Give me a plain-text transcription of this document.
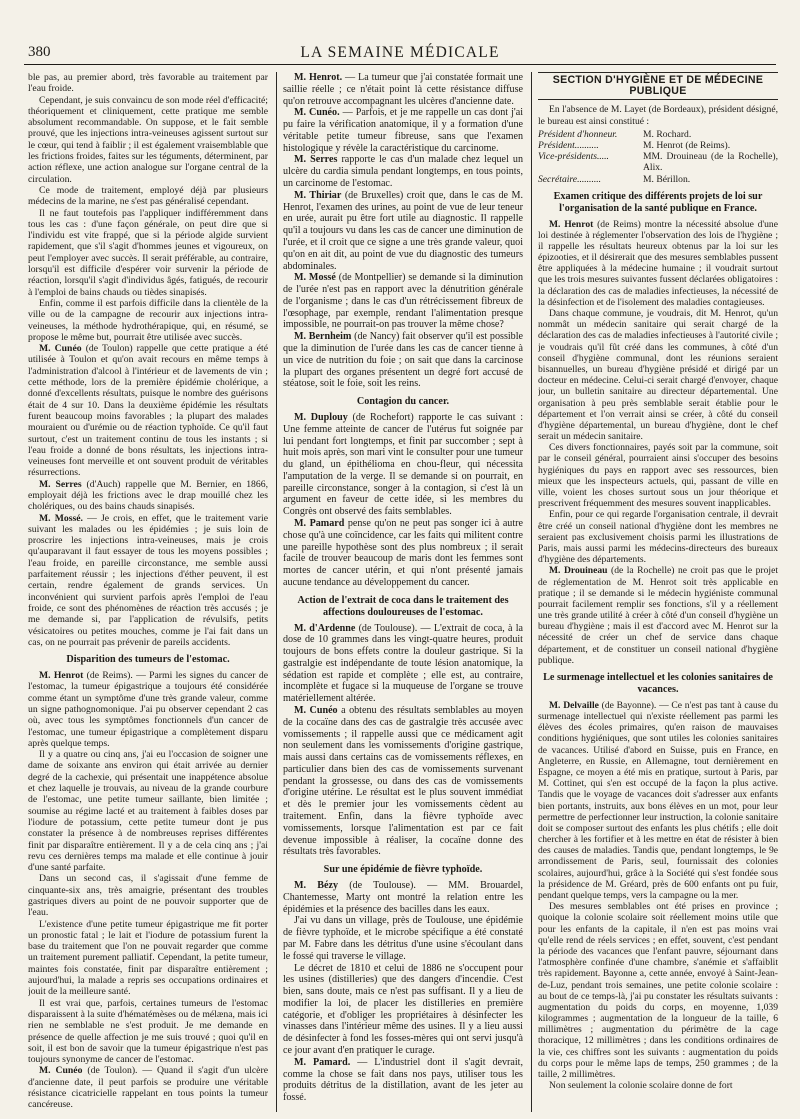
380	LA SEMAINE MÉDICALE

ble pas, au premier abord, très favorable au traitement par l'eau froide.

Cependant, je suis convaincu de son mode réel d'efficacité; théoriquement et cliniquement, cette pratique me semble absolument recommandable. On suppose, et le fait semble prouvé, que les injections intra-veineuses agissent surtout sur le cœur, qui tend à faiblir ; il est également vraisemblable que les frictions froides, faites sur les téguments, déterminent, par action réflexe, une action analogue sur l'organe central de la circulation.

Ce mode de traitement, employé déjà par plusieurs médecins de la marine, ne s'est pas généralisé cependant.

Il ne faut toutefois pas l'appliquer indifféremment dans tous les cas : d'une façon générale, on peut dire que si l'individu est vite frappé, que si la période algide survient rapidement, que s'il s'agit d'hommes jeunes et vigoureux, on peut l'employer avec succès. Il serait préférable, au contraire, lorsqu'il est difficile d'espérer voir survenir la période de réaction, lorsqu'il s'agit d'individus âgés, fatigués, de recourir à l'emploi de bains chauds ou tièdes sinapisés.

Enfin, comme il est parfois difficile dans la clientèle de la ville ou de la campagne de recourir aux injections intra-veineuses, la méthode hydrothérapique, qui, en résumé, se propose le même but, pourrait être utilisée avec succès.

M. Cunéo (de Toulon) rappelle que cette pratique a été utilisée à Toulon et qu'on avait recours en même temps à l'administration d'alcool à l'intérieur et de lavements de vin ; cette méthode, lors de la première épidémie cholérique, a donné d'excellents résultats, puisque le nombre des guérisons était de 4 sur 10. Dans la deuxième épidémie les résultats furent beaucoup moins favorables ; la plupart des malades mouraient ou d'urémie ou de réaction typhoïde. Ce qu'il faut surtout, c'est un traitement continu de tous les instants ; si l'eau froide a donné de bons résultats, les injections intra-veineuses font merveille et ont souvent produit de véritables résurrections.

M. Serres (d'Auch) rappelle que M. Bernier, en 1866, employait déjà les frictions avec le drap mouillé chez les cholériques, ou des bains chauds sinapisés.

M. Mossé. — Je crois, en effet, que le traitement varie suivant les malades ou les épidémies ; je suis loin de proscrire les injections intra-veineuses, mais je crois qu'auparavant il faut essayer de tous les moyens possibles ; l'eau froide, en pareille circonstance, me semble aussi parfaitement réussir ; les injections d'éther peuvent, il est certain, rendre également de grands services. Un inconvénient qui survient parfois après l'emploi de l'eau froide, ce sont des phénomènes de réaction très accusés ; je me demande si, par l'application de révulsifs, petits vésicatoires ou petites mouches, comme je l'ai fait dans un cas, on ne pourrait pas prévenir de pareils accidents.

Disparition des tumeurs de l'estomac.

M. Henrot (de Reims). — Parmi les signes du cancer de l'estomac, la tumeur épigastrique a toujours été considérée comme étant un symptôme d'une très grande valeur, comme un signe pathognomonique. J'ai pu observer cependant 2 cas où, avec tous les symptômes fonctionnels d'un cancer de l'estomac, une tumeur épigastrique a complètement disparu après quelque temps.

Il y a quatre ou cinq ans, j'ai eu l'occasion de soigner une dame de soixante ans environ qui était arrivée au dernier degré de la cachexie, qui présentait une inappétence absolue et chez laquelle je trouvais, au niveau de la grande courbure de l'estomac, une petite tumeur saillante, bien limitée ; soumise au régime lacté et au traitement à faibles doses par l'iodure de potassium, cette petite tumeur dont je pus constater la présence à de nombreuses reprises différentes finit par disparaître entièrement. Il y a de cela cinq ans ; j'ai revu ces dernières temps ma malade et elle continue à jouir d'une santé parfaite.

Dans un second cas, il s'agissait d'une femme de cinquante-six ans, très amaigrie, présentant des troubles gastriques divers au point de ne pouvoir supporter que de l'eau.

L'existence d'une petite tumeur épigastrique me fit porter un pronostic fatal ; le lait et l'iodure de potassium furent la base du traitement que l'on ne pouvait regarder que comme un traitement purement palliatif. Cependant, la petite tumeur, maintes fois constatée, finit par disparaître entièrement ; aujourd'hui, la malade a repris ses occupations ordinaires et jouit de la meilleure santé.

Il est vrai que, parfois, certaines tumeurs de l'estomac disparaissent à la suite d'hématémèses ou de mélæna, mais ici rien ne semblable ne s'est produit. Je me demande en présence de quelle affection je me suis trouvé ; quoi qu'il en soit, il est bon de savoir que la tumeur épigastrique n'est pas toujours synonyme de cancer de l'estomac.

M. Cunéo (de Toulon). — Quand il s'agit d'un ulcère d'ancienne date, il peut parfois se produire une véritable résistance cicatricielle rappelant en tous points la tumeur cancéreuse.

M. Henrot. — La tumeur que j'ai constatée formait une saillie réelle ; ce n'était point là cette résistance diffuse qu'on retrouve accompagnant les ulcères d'ancienne date.

M. Cunéo. — Parfois, et je me rappelle un cas dont j'ai pu faire la vérification anatomique, il y a formation d'une véritable petite tumeur fibreuse, sans que l'examen histologique y révèle la caractéristique du carcinome.

M. Serres rapporte le cas d'un malade chez lequel un ulcère du cardia simula pendant longtemps, en tous points, un carcinome de l'estomac.

M. Thiriar (de Bruxelles) croit que, dans le cas de M. Henrot, l'examen des urines, au point de vue de leur teneur en urée, aurait pu être fort utile au diagnostic. Il rappelle qu'il a toujours vu dans les cas de cancer une diminution de l'urée, et il croit que ce signe a une très grande valeur, quoi qu'on en ait dit, au point de vue du diagnostic des tumeurs abdominales.

M. Mossé (de Montpellier) se demande si la diminution de l'urée n'est pas en rapport avec la dénutrition générale de l'organisme ; dans le cas d'un rétrécissement fibreux de l'œsophage, par exemple, rendant l'alimentation presque impossible, ne pourrait-on pas trouver la même chose?

M. Bernheim (de Nancy) fait observer qu'il est possible que la diminution de l'urée dans les cas de cancer tienne à un vice de nutrition du foie ; on sait que dans la carcinose la plupart des organes présentent un degré fort accusé de stéatose, soit le foie, soit les reins.

Contagion du cancer.

M. Duplouy (de Rochefort) rapporte le cas suivant : Une femme atteinte de cancer de l'utérus fut soignée par lui pendant fort longtemps, et finit par succomber ; sept à huit mois après, son mari vint le consulter pour une tumeur du gland, un épithélioma en chou-fleur, qui nécessita l'amputation de la verge. Il se demande si on pourrait, en pareille circonstance, songer à la contagion, si c'est là un argument en faveur de cette idée, si les membres du Congrès ont observé des faits semblables.

M. Pamard pense qu'on ne peut pas songer ici à autre chose qu'à une coïncidence, car les faits qui militent contre une pareille hypothèse sont des plus nombreux ; il serait facile de trouver beaucoup de maris dont les femmes sont mortes de cancer utérin, et qui n'ont présenté jamais aucune tendance au développement du cancer.

Action de l'extrait de coca dans le traitement des affections douloureuses de l'estomac.

M. d'Ardenne (de Toulouse). — L'extrait de coca, à la dose de 10 grammes dans les vingt-quatre heures, produit toujours de bons effets contre la douleur gastrique. Si la gastralgie est indépendante de toute lésion anatomique, la sédation est rapide et complète ; elle est, au contraire, incomplète et fugace si la muqueuse de l'organe se trouve matériellement altérée.

M. Cunéo a obtenu des résultats semblables au moyen de la cocaïne dans des cas de gastralgie très accusée avec vomissements ; il rappelle aussi que ce médicament agit non seulement dans les vomissements d'origine gastrique, mais aussi dans certains cas de vomissements réflexes, en particulier dans bien des cas de vomissements survenant pendant la grossesse, ou dans des cas de vomissements d'origine utérine. Le résultat est le plus souvent immédiat et dès le premier jour les vomissements cèdent au traitement. Enfin, dans la fièvre typhoïde avec vomissements, lorsque l'alimentation est par ce fait devenue impossible à réaliser, la cocaïne donne des résultats très favorables.

Sur une épidémie de fièvre typhoïde.

M. Bézy (de Toulouse). — MM. Brouardel, Chantemesse, Marty ont montré la relation entre les épidémies et la présence des bacilles dans les eaux.

J'ai vu dans un village, près de Toulouse, une épidémie de fièvre typhoïde, et le microbe spécifique a été constaté par M. Fabre dans les détritus d'une usine s'écoulant dans le fossé qui traverse le village.

Le décret de 1810 et celui de 1886 ne s'occupent pour les usines (distilleries) que des dangers d'incendie. C'est bien, sans doute, mais ce n'est pas suffisant. Il y a lieu de modifier la loi, de placer les distilleries en première catégorie, et d'obliger les propriétaires à désinfecter les vinasses dans l'intérieur même des usines. Il y a lieu aussi de désinfecter à fond les fosses-mères qui ont servi jusqu'à ce jour avant d'en pratiquer le curage.

M. Pamard. — L'industriel dont il s'agit devrait, comme la chose se fait dans nos pays, utiliser tous les produits détritus de la distillation, avant de les jeter au fossé.

SECTION D'HYGIÈNE ET DE MÉDECINE PUBLIQUE

En l'absence de M. Layet (de Bordeaux), président désigné, le bureau est ainsi constitué :

Président d'honneur.	M. Rochard.
Président..........	M. Henrot (de Reims).
Vice-présidents.....	MM. Drouineau (de la Rochelle), Alix.
Secrétaire..........	M. Bérillon.
Examen critique des différents projets de loi sur l'organisation de la santé publique en France.

M. Henrot (de Reims) montre la nécessité absolue d'une loi destinée à réglementer l'observation des lois de l'hygiène ; il rappelle les résultats heureux obtenus par la loi sur les épizooties, et il désirerait que des mesures semblables pussent être appliquées à la médecine humaine ; il voudrait surtout que les trois mesures suivantes fussent déclarées obligatoires : la déclaration des cas de maladies infectieuses, la nécessité de la désinfection et de l'isolement des maladies contagieuses.

Dans chaque commune, je voudrais, dit M. Henrot, qu'un nommât un médecin sanitaire qui serait chargé de la déclaration des cas de maladies infectieuses à l'autorité civile ; je voudrais qu'il fût créé dans les communes, à côté d'un conseil d'hygiène communal, dont les réunions seraient bisannuelles, un bureau d'hygiène présidé et dirigé par un docteur en médecine. Celui-ci serait chargé d'envoyer, chaque jour, un bulletin sanitaire au directeur départemental. Une organisation à peu près semblable serait établie pour le département et l'on verrait ainsi se créer, à côté du conseil d'hygiène départemental, un bureau d'hygiène, dont le chef serait un médecin sanitaire.

Ces divers fonctionnaires, payés soit par la commune, soit par le conseil général, pourraient ainsi s'occuper des besoins hygiéniques du pays en rapport avec ses ressources, bien mieux que les inspecteurs actuels, qui, passant de ville en ville, voient les choses surtout sous un jour théorique et prescrivent fréquemment des mesures souvent inapplicables.

Enfin, pour ce qui regarde l'organisation centrale, il devrait être créé un conseil national d'hygiène dont les membres ne seraient pas exclusivement choisis parmi les illustrations de Paris, mais aussi parmi les médecins-directeurs des bureaux d'hygiène des départements.

M. Drouineau (de la Rochelle) ne croit pas que le projet de réglementation de M. Henrot soit très applicable en pratique ; il se demande si le médecin hygiéniste communal pourrait facilement remplir ses fonctions, s'il y a réellement une très grande utilité à créer à côté d'un conseil d'hygiène un bureau d'hygiène ; mais il est d'accord avec M. Henrot sur la nécessité de créer un chef de service dans chaque département, et de constituer un conseil national d'hygiène publique.

Le surmenage intellectuel et les colonies sanitaires de vacances.

M. Delvaille (de Bayonne). — Ce n'est pas tant à cause du surmenage intellectuel qui n'existe réellement pas parmi les élèves des écoles primaires, qu'en raison de mauvaises conditions hygiéniques, que sont utiles les colonies sanitaires de vacances. Utilisé d'abord en Suisse, puis en France, en Angleterre, en Russie, en Allemagne, tout dernièrement en Espagne, ce moyen a été mis en pratique, surtout à Paris, par M. Cottinet, qui s'en est occupé de la façon la plus active. Tandis que le voyage de vacances doit s'adresser aux enfants bien portants, instruits, aux bons élèves en un mot, pour leur permettre de perfectionner leur instruction, la colonie sanitaire doit se composer surtout des enfants les plus chétifs ; elle doit chercher à les fortifier et à les mettre en état de résister à bien des causes de maladies. Tandis que, pendant longtemps, le 9e arrondissement de Paris, seul, fournissait des colonies scolaires, aujourd'hui, grâce à la Société qui s'est fondée sous la présidence de M. Gréard, près de 600 enfants ont pu fuir, pendant quelque temps, vers la campagne ou la mer.

Des mesures semblables ont été prises en province ; quoique la colonie scolaire soit réellement moins utile que pour les enfants de la capitale, il n'en est pas moins vrai qu'elle rend de réels services ; en effet, souvent, c'est pendant la période des vacances que l'enfant pauvre, séjournant dans l'atmosphère confinée d'une chambre, s'anémie et s'affaiblit très rapidement. Bayonne a, cette année, envoyé à Saint-Jean-de-Luz, pendant trois semaines, une petite colonie scolaire : au bout de ce temps-là, j'ai pu constater les résultats suivants : augmentation du poids du corps, en moyenne, 1,039 kilogrammes ; augmentation de la longueur de la taille, 6 millimètres ; augmentation du périmètre de la cage thoracique, 12 millimètres ; dans les conditions ordinaires de la vie, ces chiffres sont les suivants : augmentation du poids du corps pour le même laps de temps, 250 grammes ; de la taille, 2 millimètres.

Non seulement la colonie scolaire donne de fort
